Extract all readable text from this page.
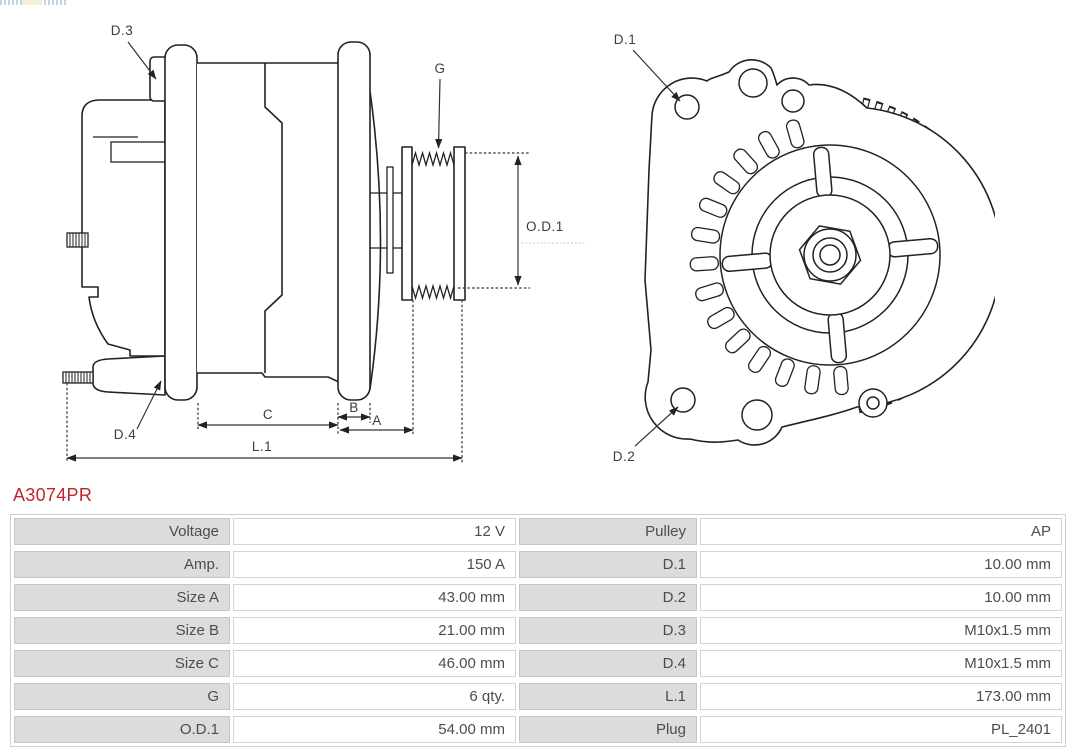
D.3
D.4
G
O.D.1
C	B
A
L.1
D.1
D.2
A3074PR
Voltage	12 V	Pulley	AP
Amp.	150 A	D.1	10.00 mm
Size A	43.00 mm	D.2	10.00 mm
Size B	21.00 mm	D.3	M10x1.5 mm
Size C	46.00 mm	D.4	M10x1.5 mm
G	6 qty.	L.1	173.00 mm
O.D.1	54.00 mm	Plug	PL_2401
